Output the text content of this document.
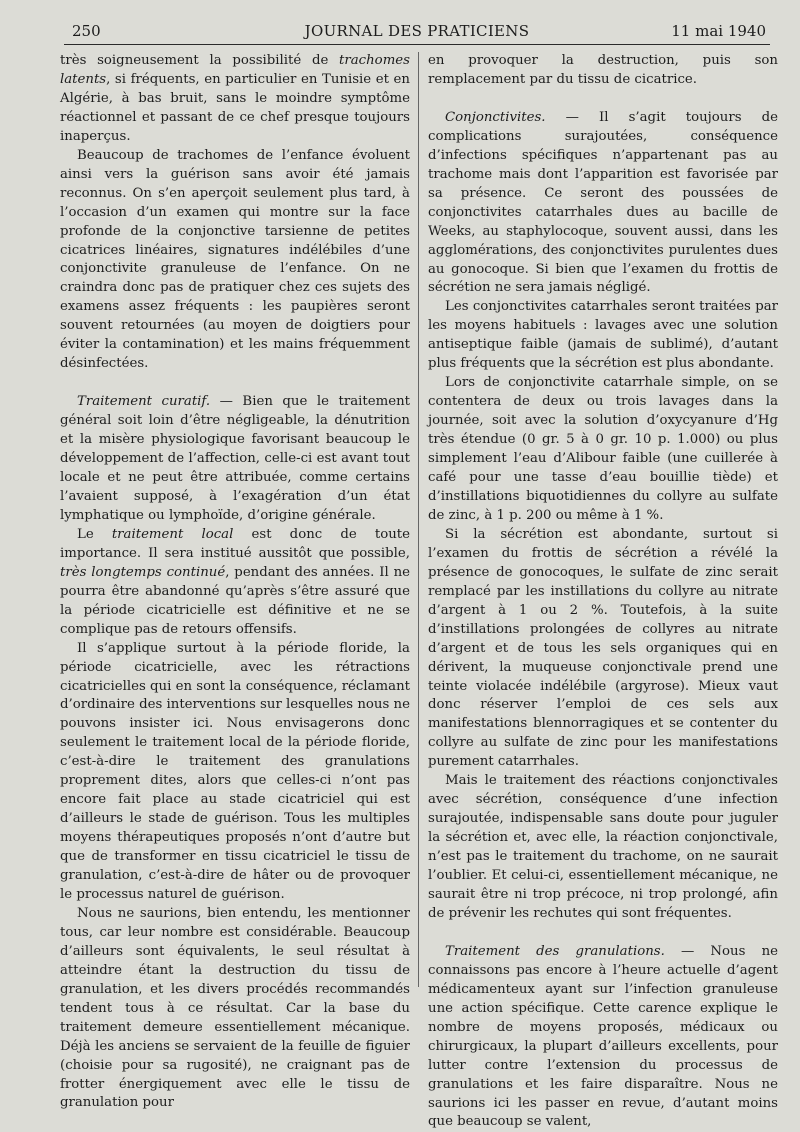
250	JOURNAL DES PRATICIENS	11 mai 1940

très soigneusement la possibilité de trachomes latents, si fréquents, en particulier en Tunisie et en Algérie, à bas bruit, sans le moindre symptôme réactionnel et passant de ce chef presque toujours inaperçus.

Beaucoup de trachomes de l’enfance évoluent ainsi vers la guérison sans avoir été jamais reconnus. On s’en aperçoit seulement plus tard, à l’occasion d’un examen qui montre sur la face profonde de la conjonctive tarsienne de petites cicatrices linéaires, signatures indélébiles d’une conjonctivite granuleuse de l’enfance. On ne craindra donc pas de pratiquer chez ces sujets des examens assez fréquents : les paupières seront souvent retournées (au moyen de doigtiers pour éviter la contamination) et les mains fréquemment désinfectées.

Traitement curatif. — Bien que le traitement général soit loin d’être négligeable, la dénutrition et la misère physiologique favorisant beaucoup le développement de l’affection, celle-ci est avant tout locale et ne peut être attribuée, comme certains l’avaient supposé, à l’exagération d’un état lymphatique ou lymphoïde, d’origine générale.

Le traitement local est donc de toute importance. Il sera institué aussitôt que possible, très longtemps continué, pendant des années. Il ne pourra être abandonné qu’après s’être assuré que la période cicatricielle est définitive et ne se complique pas de retours offensifs.

Il s’applique surtout à la période floride, la période cicatricielle, avec les rétractions cicatricielles qui en sont la conséquence, réclamant d’ordinaire des interventions sur lesquelles nous ne pouvons insister ici. Nous envisagerons donc seulement le traitement local de la période floride, c’est-à-dire le traitement des granulations proprement dites, alors que celles-ci n’ont pas encore fait place au stade cicatriciel qui est d’ailleurs le stade de guérison. Tous les multiples moyens thérapeutiques proposés n’ont d’autre but que de transformer en tissu cicatriciel le tissu de granulation, c’est-à-dire de hâter ou de provoquer le processus naturel de guérison.

Nous ne saurions, bien entendu, les mentionner tous, car leur nombre est considérable. Beaucoup d’ailleurs sont équivalents, le seul résultat à atteindre étant la destruction du tissu de granulation, et les divers procédés recommandés tendent tous à ce résultat. Car la base du traitement demeure essentiellement mécanique. Déjà les anciens se servaient de la feuille de figuier (choisie pour sa rugosité), ne craignant pas de frotter énergiquement avec elle le tissu de granulation pour

en provoquer la destruction, puis son remplacement par du tissu de cicatrice.

Conjonctivites. — Il s’agit toujours de complications surajoutées, conséquence d’infections spécifiques n’appartenant pas au trachome mais dont l’apparition est favorisée par sa présence. Ce seront des poussées de conjonctivites catarrhales dues au bacille de Weeks, au staphylocoque, souvent aussi, dans les agglomérations, des conjonctivites purulentes dues au gonocoque. Si bien que l’examen du frottis de sécrétion ne sera jamais négligé.

Les conjonctivites catarrhales seront traitées par les moyens habituels : lavages avec une solution antiseptique faible (jamais de sublimé), d’autant plus fréquents que la sécrétion est plus abondante.

Lors de conjonctivite catarrhale simple, on se contentera de deux ou trois lavages dans la journée, soit avec la solution d’oxycyanure d’Hg très étendue (0 gr. 5 à 0 gr. 10 p. 1.000) ou plus simplement l’eau d’Alibour faible (une cuillerée à café pour une tasse d’eau bouillie tiède) et d’instillations biquotidiennes du collyre au sulfate de zinc, à 1 p. 200 ou même à 1 %.

Si la sécrétion est abondante, surtout si l’examen du frottis de sécrétion a révélé la présence de gonocoques, le sulfate de zinc serait remplacé par les instillations du collyre au nitrate d’argent à 1 ou 2 %. Toutefois, à la suite d’instillations prolongées de collyres au nitrate d’argent et de tous les sels organiques qui en dérivent, la muqueuse conjonctivale prend une teinte violacée indélébile (argyrose). Mieux vaut donc réserver l’emploi de ces sels aux manifestations blennorragiques et se contenter du collyre au sulfate de zinc pour les manifestations purement catarrhales.

Mais le traitement des réactions conjonctivales avec sécrétion, conséquence d’une infection surajoutée, indispensable sans doute pour juguler la sécrétion et, avec elle, la réaction conjonctivale, n’est pas le traitement du trachome, on ne saurait l’oublier. Et celui-ci, essentiellement mécanique, ne saurait être ni trop précoce, ni trop prolongé, afin de prévenir les rechutes qui sont fréquentes.

Traitement des granulations. — Nous ne connaissons pas encore à l’heure actuelle d’agent médicamenteux ayant sur l’infection granuleuse une action spécifique. Cette carence explique le nombre de moyens proposés, médicaux ou chirurgicaux, la plupart d’ailleurs excellents, pour lutter contre l’extension du processus de granulations et les faire disparaître. Nous ne saurions ici les passer en revue, d’autant moins que beaucoup se valent,
